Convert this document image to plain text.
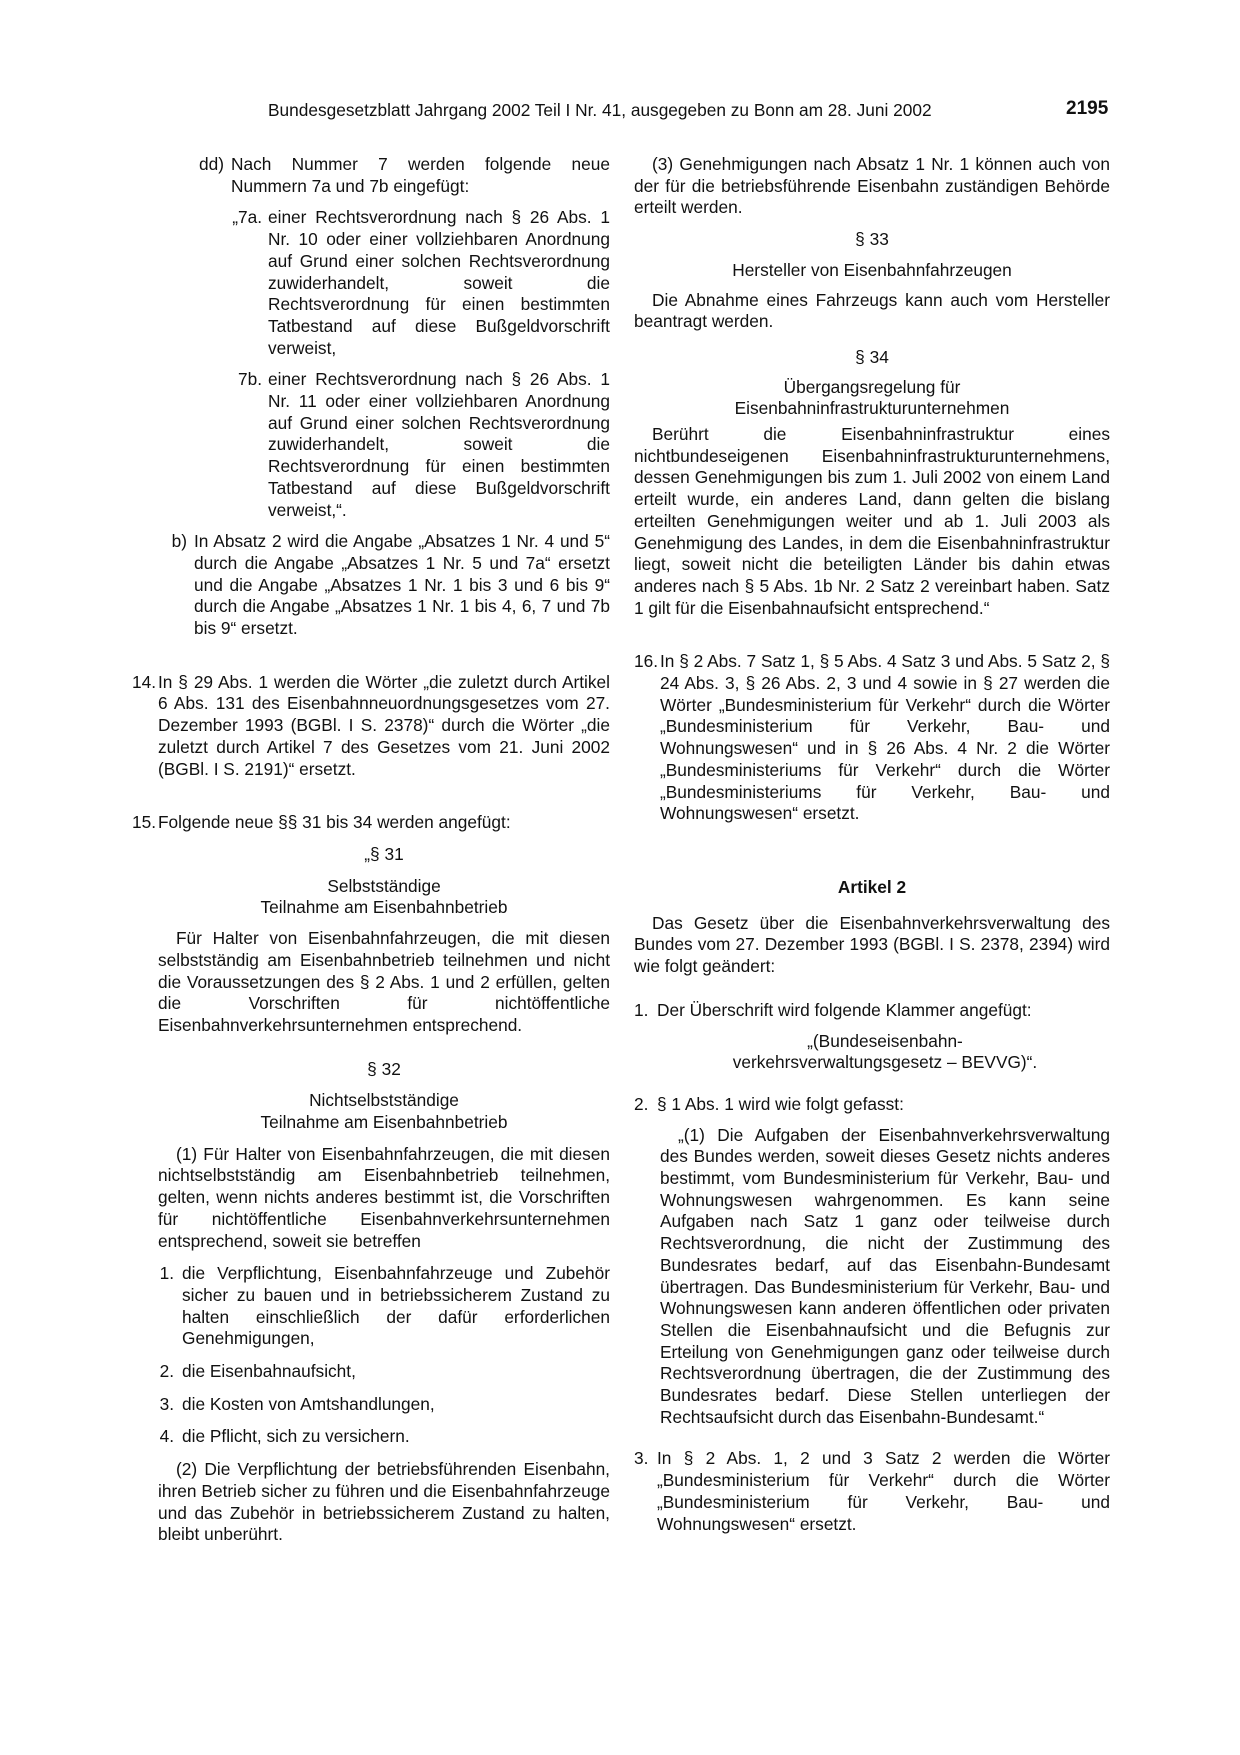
Bundesgesetzblatt Jahrgang 2002 Teil I Nr. 41, ausgegeben zu Bonn am 28. Juni 2002	2195
dd) Nach Nummer 7 werden folgende neue Nummern 7a und 7b eingefügt:
„7a. einer Rechtsverordnung nach § 26 Abs. 1 Nr. 10 oder einer vollziehbaren Anordnung auf Grund einer solchen Rechtsverordnung zuwiderhandelt, soweit die Rechtsverordnung für einen bestimmten Tatbestand auf diese Bußgeldvorschrift verweist,
7b. einer Rechtsverordnung nach § 26 Abs. 1 Nr. 11 oder einer vollziehbaren Anordnung auf Grund einer solchen Rechtsverordnung zuwiderhandelt, soweit die Rechtsverordnung für einen bestimmten Tatbestand auf diese Bußgeldvorschrift verweist,“.
b) In Absatz 2 wird die Angabe „Absatzes 1 Nr. 4 und 5“ durch die Angabe „Absatzes 1 Nr. 5 und 7a“ ersetzt und die Angabe „Absatzes 1 Nr. 1 bis 3 und 6 bis 9“ durch die Angabe „Absatzes 1 Nr. 1 bis 4, 6, 7 und 7b bis 9“ ersetzt.
14. In § 29 Abs. 1 werden die Wörter „die zuletzt durch Artikel 6 Abs. 131 des Eisenbahnneuordnungsgesetzes vom 27. Dezember 1993 (BGBl. I S. 2378)“ durch die Wörter „die zuletzt durch Artikel 7 des Gesetzes vom 21. Juni 2002 (BGBl. I S. 2191)“ ersetzt.
15. Folgende neue §§ 31 bis 34 werden angefügt:

„§ 31

Selbstständige

Teilnahme am Eisenbahnbetrieb

Für Halter von Eisenbahnfahrzeugen, die mit diesen selbstständig am Eisenbahnbetrieb teilnehmen und nicht die Voraussetzungen des § 2 Abs. 1 und 2 erfüllen, gelten die Vorschriften für nichtöffentliche Eisenbahnverkehrsunternehmen entsprechend.

§ 32

Nichtselbstständige

Teilnahme am Eisenbahnbetrieb

(1) Für Halter von Eisenbahnfahrzeugen, die mit diesen nichtselbstständig am Eisenbahnbetrieb teilnehmen, gelten, wenn nichts anderes bestimmt ist, die Vorschriften für nichtöffentliche Eisenbahnverkehrsunternehmen entsprechend, soweit sie betreffen

1. die Verpflichtung, Eisenbahnfahrzeuge und Zubehör sicher zu bauen und in betriebssicherem Zustand zu halten einschließlich der dafür erforderlichen Genehmigungen,
2. die Eisenbahnaufsicht,
3. die Kosten von Amtshandlungen,
4. die Pflicht, sich zu versichern.

(2) Die Verpflichtung der betriebsführenden Eisenbahn, ihren Betrieb sicher zu führen und die Eisenbahnfahrzeuge und das Zubehör in betriebssicherem Zustand zu halten, bleibt unberührt.

(3) Genehmigungen nach Absatz 1 Nr. 1 können auch von der für die betriebsführende Eisenbahn zuständigen Behörde erteilt werden.

§ 33

Hersteller von Eisenbahnfahrzeugen

Die Abnahme eines Fahrzeugs kann auch vom Hersteller beantragt werden.

§ 34

Übergangsregelung für

Eisenbahninfrastrukturunternehmen

Berührt die Eisenbahninfrastruktur eines nichtbundeseigenen Eisenbahninfrastrukturunternehmens, dessen Genehmigungen bis zum 1. Juli 2002 von einem Land erteilt wurde, ein anderes Land, dann gelten die bislang erteilten Genehmigungen weiter und ab 1. Juli 2003 als Genehmigung des Landes, in dem die Eisenbahninfrastruktur liegt, soweit nicht die beteiligten Länder bis dahin etwas anderes nach § 5 Abs. 1b Nr. 2 Satz 2 vereinbart haben. Satz 1 gilt für die Eisenbahnaufsicht entsprechend.“

16. In § 2 Abs. 7 Satz 1, § 5 Abs. 4 Satz 3 und Abs. 5 Satz 2, § 24 Abs. 3, § 26 Abs. 2, 3 und 4 sowie in § 27 werden die Wörter „Bundesministerium für Verkehr“ durch die Wörter „Bundesministerium für Verkehr, Bau- und Wohnungswesen“ und in § 26 Abs. 4 Nr. 2 die Wörter „Bundesministeriums für Verkehr“ durch die Wörter „Bundesministeriums für Verkehr, Bau- und Wohnungswesen“ ersetzt.

Artikel 2

Das Gesetz über die Eisenbahnverkehrsverwaltung des Bundes vom 27. Dezember 1993 (BGBl. I S. 2378, 2394) wird wie folgt geändert:

1. Der Überschrift wird folgende Klammer angefügt:

„(Bundeseisenbahn-

verkehrsverwaltungsgesetz – BEVVG)“.

2. § 1 Abs. 1 wird wie folgt gefasst:

„(1) Die Aufgaben der Eisenbahnverkehrsverwaltung des Bundes werden, soweit dieses Gesetz nichts anderes bestimmt, vom Bundesministerium für Verkehr, Bau- und Wohnungswesen wahrgenommen. Es kann seine Aufgaben nach Satz 1 ganz oder teilweise durch Rechtsverordnung, die nicht der Zustimmung des Bundesrates bedarf, auf das Eisenbahn-Bundesamt übertragen. Das Bundesministerium für Verkehr, Bau- und Wohnungswesen kann anderen öffentlichen oder privaten Stellen die Eisenbahnaufsicht und die Befugnis zur Erteilung von Genehmigungen ganz oder teilweise durch Rechtsverordnung übertragen, die der Zustimmung des Bundesrates bedarf. Diese Stellen unterliegen der Rechtsaufsicht durch das Eisenbahn-Bundesamt.“

3. In § 2 Abs. 1, 2 und 3 Satz 2 werden die Wörter „Bundesministerium für Verkehr“ durch die Wörter „Bundesministerium für Verkehr, Bau- und Wohnungswesen“ ersetzt.
